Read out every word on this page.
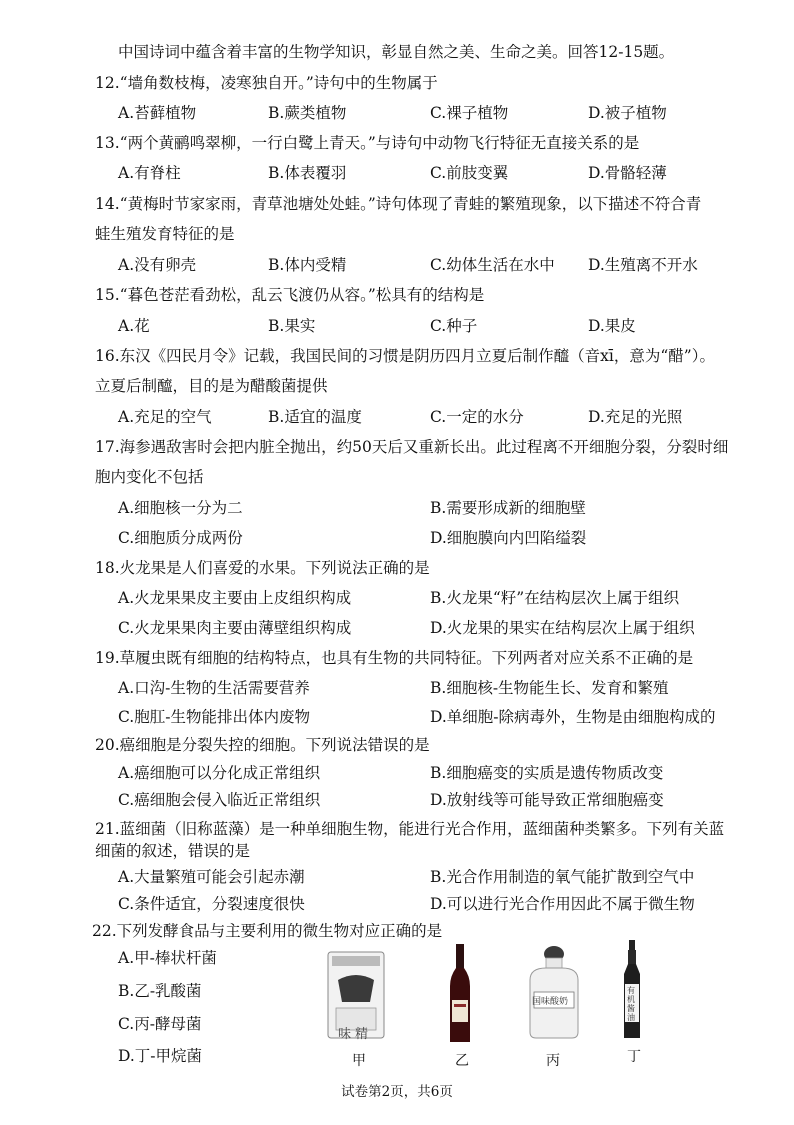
中国诗词中蕴含着丰富的生物学知识，彰显自然之美、生命之美。回答12-15题。
12.“墙角数枝梅，凌寒独自开。”诗句中的生物属于
A.苔藓植物	B.蕨类植物	C.裸子植物	D.被子植物
13.“两个黄鹂鸣翠柳，一行白鹭上青天。”与诗句中动物飞行特征无直接关系的是
A.有脊柱	B.体表覆羽	C.前肢变翼	D.骨骼轻薄
14.“黄梅时节家家雨，青草池塘处处蛙。”诗句体现了青蛙的繁殖现象，以下描述不符合青
蛙生殖发育特征的是
A.没有卵壳	B.体内受精	C.幼体生活在水中 D.生殖离不开水
15.“暮色苍茫看劲松，乱云飞渡仍从容。”松具有的结构是
A.花	B.果实	C.种子	D.果皮
16.东汉《四民月令》记载，我国民间的习惯是阴历四月立夏后制作醯（音xī，意为“醋”）。
立夏后制醯，目的是为醋酸菌提供
A.充足的空气	B.适宜的温度	C.一定的水分	D.充足的光照
17.海参遇敌害时会把内脏全抛出，约50天后又重新长出。此过程离不开细胞分裂，分裂时细
胞内变化不包括
A.细胞核一分为二	B.需要形成新的细胞壁
C.细胞质分成两份	D.细胞膜向内凹陷缢裂
18.火龙果是人们喜爱的水果。下列说法正确的是
A.火龙果果皮主要由上皮组织构成	B.火龙果“籽”在结构层次上属于组织
C.火龙果果肉主要由薄壁组织构成	D.火龙果的果实在结构层次上属于组织
19.草履虫既有细胞的结构特点，也具有生物的共同特征。下列两者对应关系不正确的是
A.口沟-生物的生活需要营养	B.细胞核-生物能生长、发育和繁殖
C.胞肛-生物能排出体内废物	D.单细胞-除病毒外，生物是由细胞构成的
20.癌细胞是分裂失控的细胞。下列说法错误的是
A.癌细胞可以分化成正常组织	B.细胞癌变的实质是遗传物质改变
C.癌细胞会侵入临近正常组织	D.放射线等可能导致正常细胞癌变
21.蓝细菌（旧称蓝藻）是一种单细胞生物，能进行光合作用，蓝细菌种类繁多。下列有关蓝
细菌的叙述，错误的是
A.大量繁殖可能会引起赤潮	B.光合作用制造的氧气能扩散到空气中
C.条件适宜，分裂速度很快	D.可以进行光合作用因此不属于微生物
22.下列发酵食品与主要利用的微生物对应正确的是
A.甲-棒状杆菌
B.乙-乳酸菌
C.丙-酵母菌
D.丁-甲烷菌
味精
国味酸奶
有机酱油
甲	乙	丙	丁
试卷第2页，共6页
